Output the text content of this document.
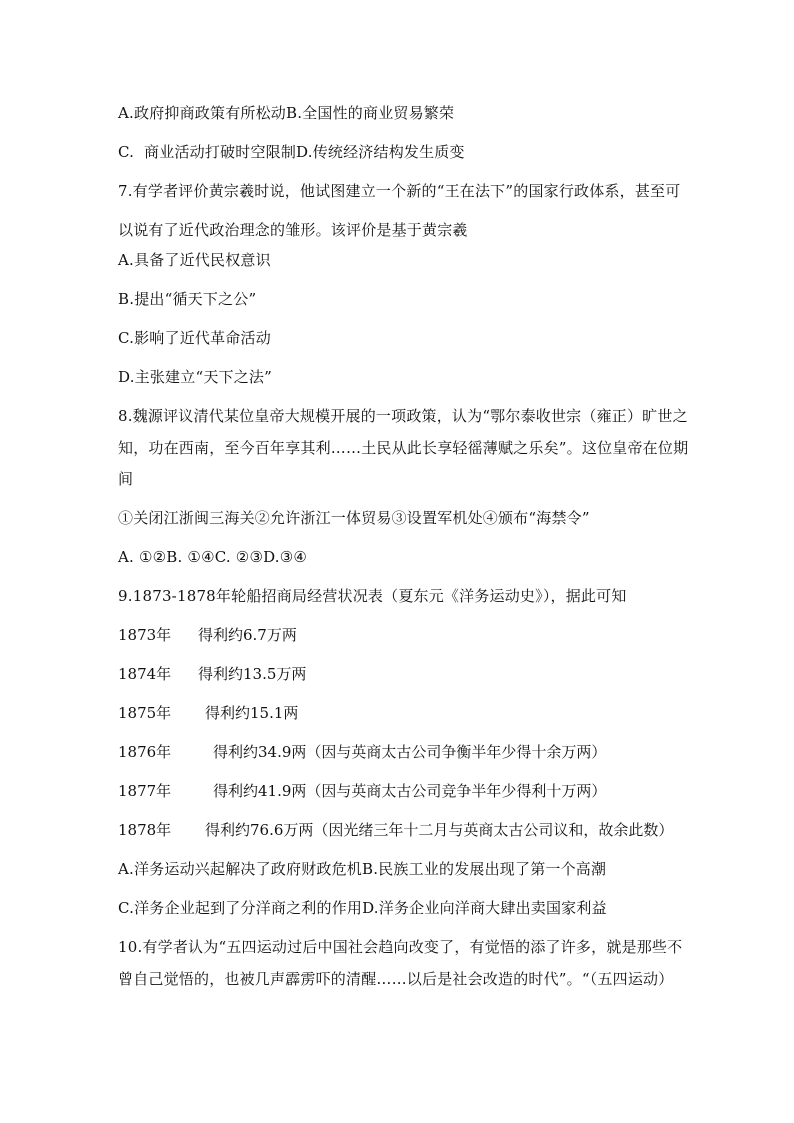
A.政府抑商政策有所松动B.全国性的商业贸易繁荣
C.  商业活动打破时空限制D.传统经济结构发生质变
7.有学者评价黄宗羲时说，他试图建立一个新的“王在法下”的国家行政体系，甚至可
以说有了近代政治理念的雏形。该评价是基于黄宗羲
A.具备了近代民权意识
B.提出“循天下之公”
C.影响了近代革命活动
D.主张建立“天下之法”
8.魏源评议清代某位皇帝大规模开展的一项政策，认为“鄂尔泰收世宗（雍正）旷世之
知，功在西南，至今百年享其利……土民从此长享轻徭薄赋之乐矣”。这位皇帝在位期
间
①关闭江浙闽三海关②允许浙江一体贸易③设置军机处④颁布“海禁令”
A. ①②B. ①④C. ②③D.③④
9.1873-1878年轮船招商局经营状况表（夏东元《洋务运动史》），据此可知
1873年 得利约6.7万两
1874年 得利约13.5万两
1875年 得利约15.1两
1876年	得利约34.9两（因与英商太古公司争衡半年少得十余万两）
1877年	得利约41.9两（因与英商太古公司竞争半年少得利十万两）
1878年 得利约76.6万两（因光绪三年十二月与英商太古公司议和，故余此数）
A.洋务运动兴起解决了政府财政危机B.民族工业的发展出现了第一个高潮
C.洋务企业起到了分洋商之利的作用D.洋务企业向洋商大肆出卖国家利益
10.有学者认为“五四运动过后中国社会趋向改变了，有觉悟的添了许多，就是那些不
曾自己觉悟的，也被几声霹雳吓的清醒……以后是社会改造的时代”。“（五四运动）
